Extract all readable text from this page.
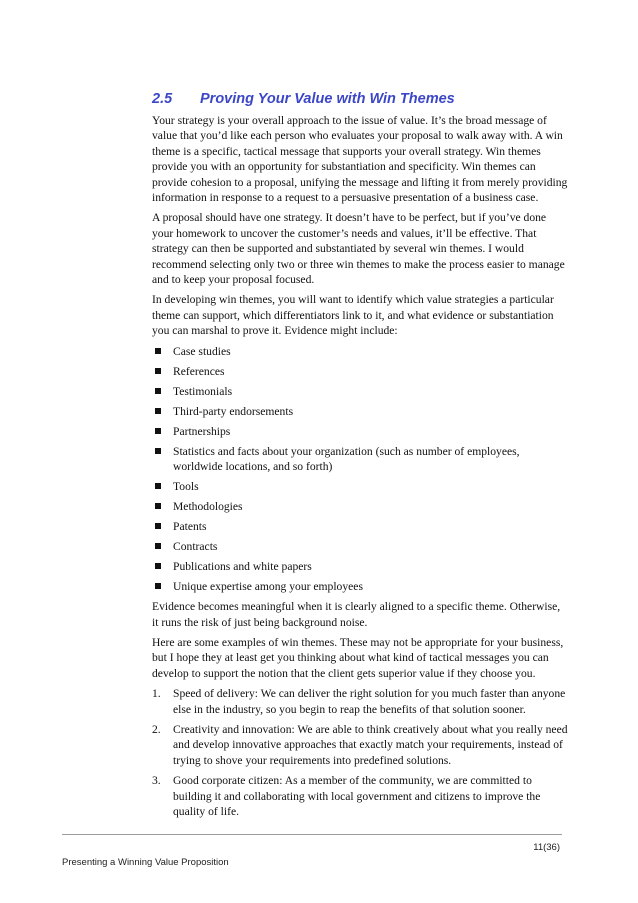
2.5 Proving Your Value with Win Themes

Your strategy is your overall approach to the issue of value. It’s the broad message of value that you’d like each person who evaluates your proposal to walk away with. A win theme is a specific, tactical message that supports your overall strategy. Win themes provide you with an opportunity for substantiation and specificity. Win themes can provide cohesion to a proposal, unifying the message and lifting it from merely providing information in response to a request to a persuasive presentation of a business case.

A proposal should have one strategy. It doesn’t have to be perfect, but if you’ve done your homework to uncover the customer’s needs and values, it’ll be effective. That strategy can then be supported and substantiated by several win themes. I would recommend selecting only two or three win themes to make the process easier to manage and to keep your proposal focused.

In developing win themes, you will want to identify which value strategies a particular theme can support, which differentiators link to it, and what evidence or substantiation you can marshal to prove it. Evidence might include:

Case studies
References
Testimonials
Third-party endorsements
Partnerships
Statistics and facts about your organization (such as number of employees, worldwide locations, and so forth)
Tools
Methodologies
Patents
Contracts
Publications and white papers
Unique expertise among your employees

Evidence becomes meaningful when it is clearly aligned to a specific theme. Otherwise, it runs the risk of just being background noise.

Here are some examples of win themes. These may not be appropriate for your business, but I hope they at least get you thinking about what kind of tactical messages you can develop to support the notion that the client gets superior value if they choose you.

1. Speed of delivery: We can deliver the right solution for you much faster than anyone else in the industry, so you begin to reap the benefits of that solution sooner.
2. Creativity and innovation: We are able to think creatively about what you really need and develop innovative approaches that exactly match your requirements, instead of trying to shove your requirements into predefined solutions.
3. Good corporate citizen: As a member of the community, we are committed to building it and collaborating with local government and citizens to improve the quality of life.
11(36)
Presenting a Winning Value Proposition
